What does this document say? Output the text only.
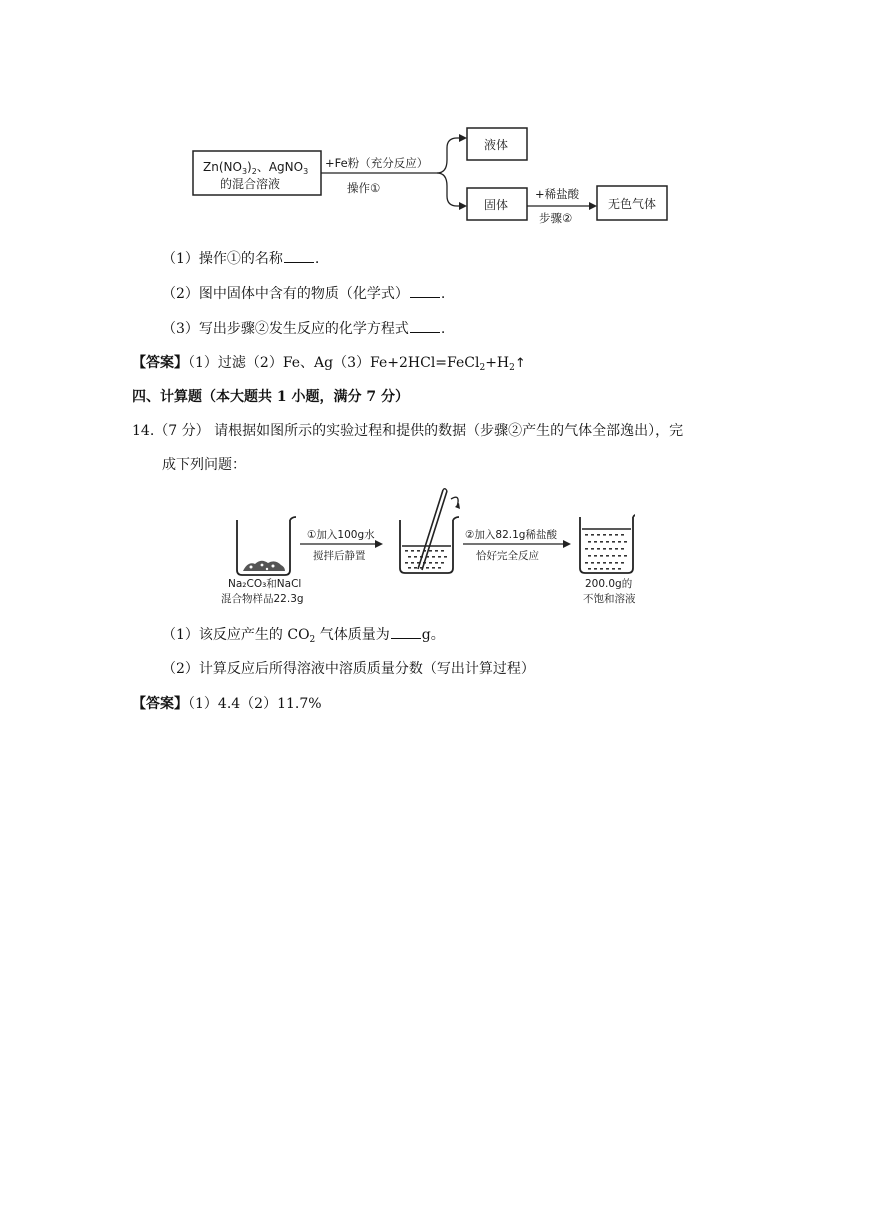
$Zn(NO_3)_2$、AgNO$_3$
的混合溶液
+Fe粉（充分反应）
操作①
液体
固体
+稀盐酸
步骤②
无色气体
（1）操作①的名称 .
（2）图中固体中含有的物质（化学式） .
（3）写出步骤②发生反应的化学方程式 .
【答案】（1）过滤（2）Fe、$Ag(3)Fe+2HCl=FeCl_2+H_2↑$
四、计算题（本大题共 1 小题，满分 7 分）
14.（7 分） 请根据如图所示的实验过程和提供的数据（步骤②产生的气体全部逸出），完
成下列问题：
Na₂CO₃和NaCl
混合物样品22.3g
①加入100g水
搅拌后静置
②加入82.1g稀盐酸
恰好完全反应
200.0g的
不饱和溶液
（1）该反应产生的 $CO_2$ 气体质量为 g。
（2）计算反应后所得溶液中溶质质量分数（写出计算过程）
【答案】（1）4.4（2）11.7%
